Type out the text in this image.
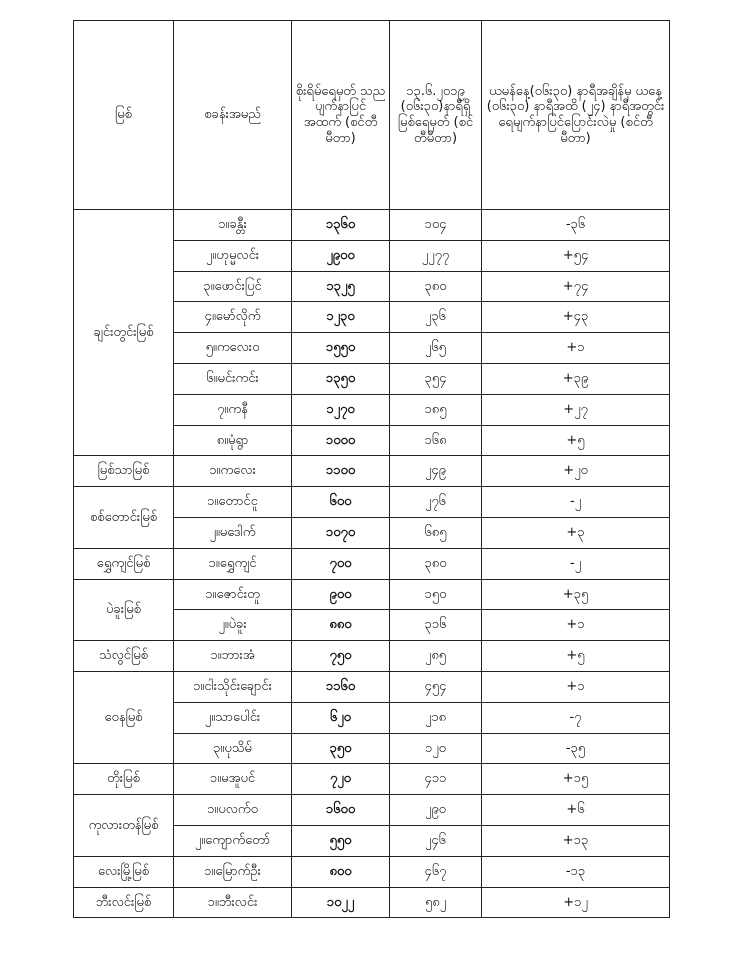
မြစ်	စခန်းအမည်	စိုးရိမ်ရေမှတ် သည ပျက်နာပြင် အထက် (စင်တီမီတာ)	၁၃.၆.၂၀၁၉ (၀၆း၃၀)နာရီရှိ မြစ်ရေမှတ် (စင်တီမီတာ)	ယမန်နေ့(၀၆း၃၀) နာရီအချိန်မှ ယနေ့ (၀၆း၃၀) နာရီအထိ (၂၄) နာရီအတွင်း ရေမျက်နာပြင်ပြောင်းလဲမှု (စင်တီမီတာ)
ချင်းတွင်းမြစ်	၁။ခန္တီး	၁၃၆၀	၁၀၄	-၃၆
	၂။ဟုမ္မလင်း	၂၉၀၀	၂၂၇၇	+၅၄
	၃။ဖောင်းပြင်	၁၃၂၅	၃၈၀	+၇၄
	၄။မော်လိုက်	၁၂၃၀	၂၃၆	+၄၃
	၅။ကလေးဝ	၁၅၅၀	၂၆၅	+၁
	၆။မင်းကင်း	၁၃၅၀	၃၅၄	+၃၉
	၇။ကနီ	၁၂၇၀	၁၈၅	+၂၇
	၈။မုံရွာ	၁၀၀၀	၁၆၈	+၅
မြစ်သာမြစ်	၁။ကလေး	၁၁၀၀	၂၄၉	+၂၀
စစ်တောင်းမြစ်	၁။တောင်ငူ	၆၀၀	၂၇၆	-၂
	၂။မဒေါက်	၁၀၇၀	၆၈၅	+၃
ရွှေကျင်မြစ်	၁။ရွှေကျင်	၇၀၀	၃၈၀	-၂
ပဲခူးမြစ်	၁။ဇောင်းတူ	၉၀၀	၁၅၀	+၃၅
	၂။ပဲခူး	၈၈၀	၃၁၆	+၁
သံလွင်မြစ်	၁။ဘားအံ	၇၅၀	၂၈၅	+၅
ဝေနမြစ်	၁။ငါးသိုင်းချောင်း	၁၁၆၀	၄၅၄	+၁
	၂။သာပေါင်း	၆၂၀	၂၁၈	-၇
	၃။ပုသိမ်	၃၅၀	၁၂၀	-၃၅
တိုးမြစ်	၁။မအူပင်	၇၂၀	၄၁၁	+၁၅
ကုလားတန်မြစ်	၁။ပလက်ဝ	၁၆၀၀	၂၉၀	+၆
	၂။ကျောက်တော်	၅၅၀	၂၄၆	+၁၃
လေးမြို့မြစ်	၁။မြောက်ဦး	၈၀၀	၄၆၇	-၁၃
ဘီးလင်းမြစ်	၁။ဘီးလင်း	၁၀၂၂	၅၈၂	+၁၂
